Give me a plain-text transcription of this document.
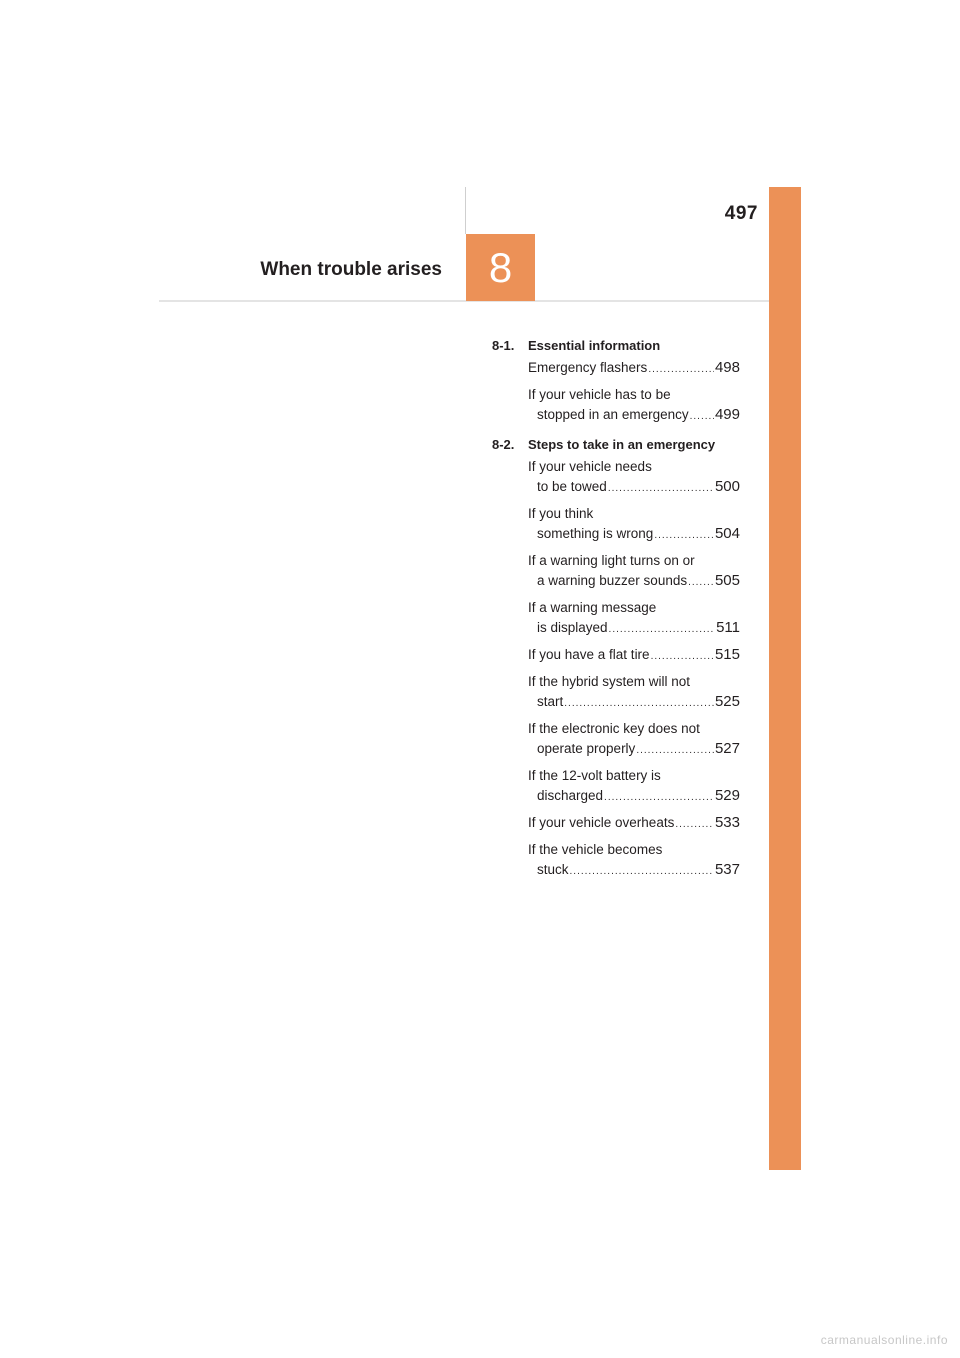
497
When trouble arises 8
8-1. Essential information
Emergency flashers .....	498
If your vehicle has to be
stopped in an emergency ..... 499
8-2. Steps to take in an emergency
If your vehicle needs
to be towed .....	500
If you think
something is wrong .....	504
If a warning light turns on or
a warning buzzer sounds ..... 505
If a warning message
is displayed .....	511
If you have a flat tire .....	515
If the hybrid system will not
start .....	525
If the electronic key does not
operate properly .....	527
If the 12-volt battery is
discharged .....	529
If your vehicle overheats .....	533
If the vehicle becomes
stuck .....	537
carmanualsonline.info
